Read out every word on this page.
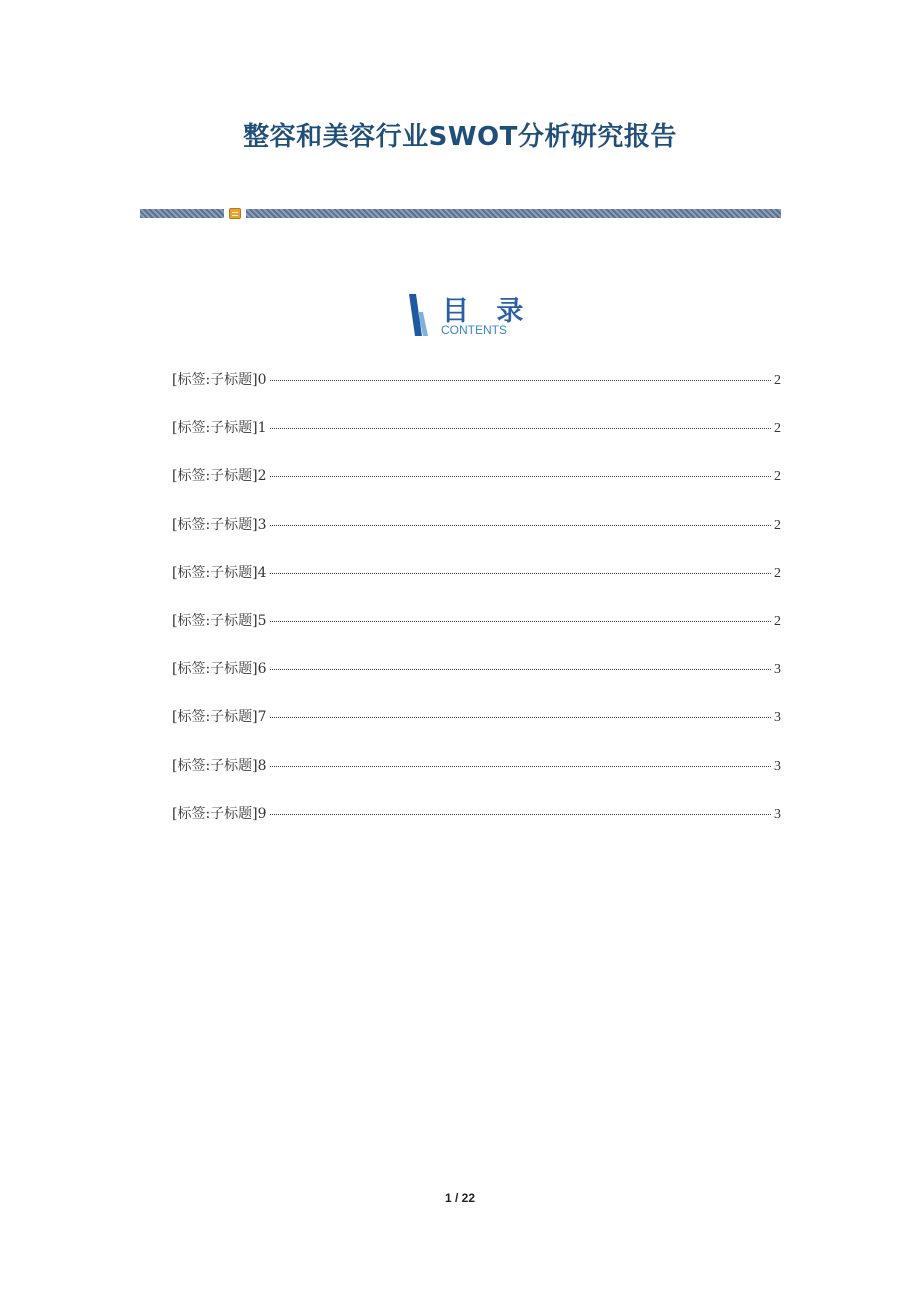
整容和美容行业SWOT分析研究报告
目 录
CONTENTS
[标签:子标题]0	2
[标签:子标题]1	2
[标签:子标题]2	2
[标签:子标题]3	2
[标签:子标题]4	2
[标签:子标题]5	2
[标签:子标题]6	3
[标签:子标题]7	3
[标签:子标题]8	3
[标签:子标题]9	3
1 / 22
